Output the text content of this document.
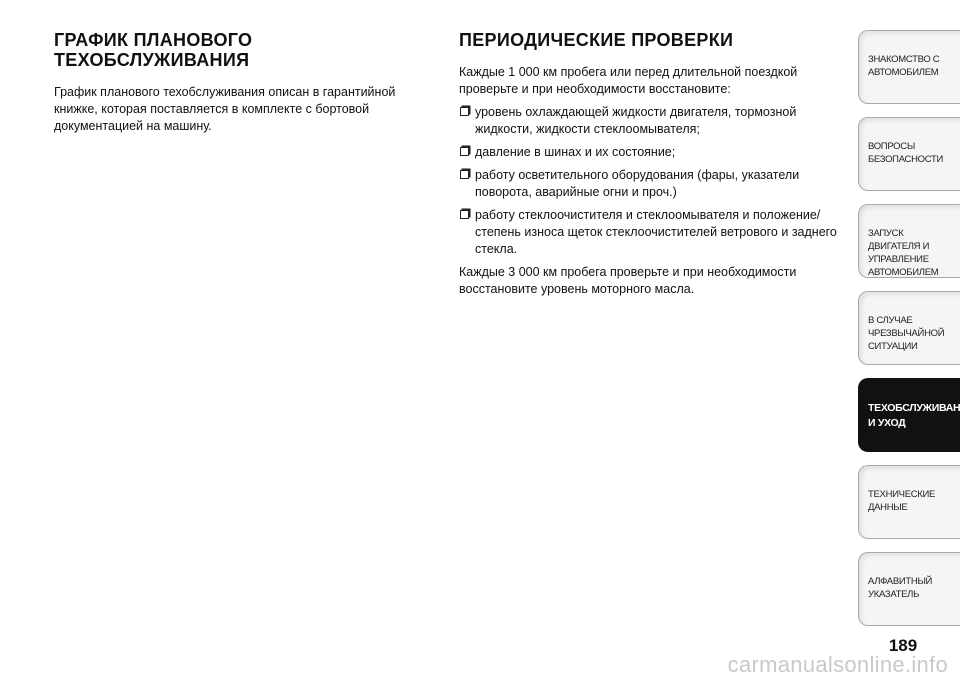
ГРАФИК ПЛАНОВОГО
ТЕХОБСЛУЖИВАНИЯ

График планового техобслуживания описан в гарантийной книжке, которая поставляется в комплекте с бортовой документацией на машину.

ПЕРИОДИЧЕСКИЕ ПРОВЕРКИ

Каждые 1 000 км пробега или перед длительной поездкой проверьте и при необходимости восстановите:

уровень охлаждающей жидкости двигателя, тормозной жидкости, жидкости стеклоомывателя;
давление в шинах и их состояние;
работу осветительного оборудования (фары, указатели поворота, аварийные огни и проч.)
работу стеклоочистителя и стеклоомывателя и положение/ степень износа щеток стеклоочистителей ветрового и заднего стекла.

Каждые 3 000 км пробега проверьте и при необходимости восстановите уровень моторного масла.

ЗНАКОМСТВО С
АВТОМОБИЛЕМ
ВОПРОСЫ
БЕЗОПАСНОСТИ
ЗАПУСК ДВИГАТЕЛЯ И
УПРАВЛЕНИЕ
АВТОМОБИЛЕМ
В СЛУЧАЕ
ЧРЕЗВЫЧАЙНОЙ
СИТУАЦИИ
ТЕХОБСЛУЖИВАНИЕ
И УХОД
ТЕХНИЧЕСКИЕ
ДАННЫЕ
АЛФАВИТНЫЙ
УКАЗАТЕЛЬ
189
carmanualsonline.info
